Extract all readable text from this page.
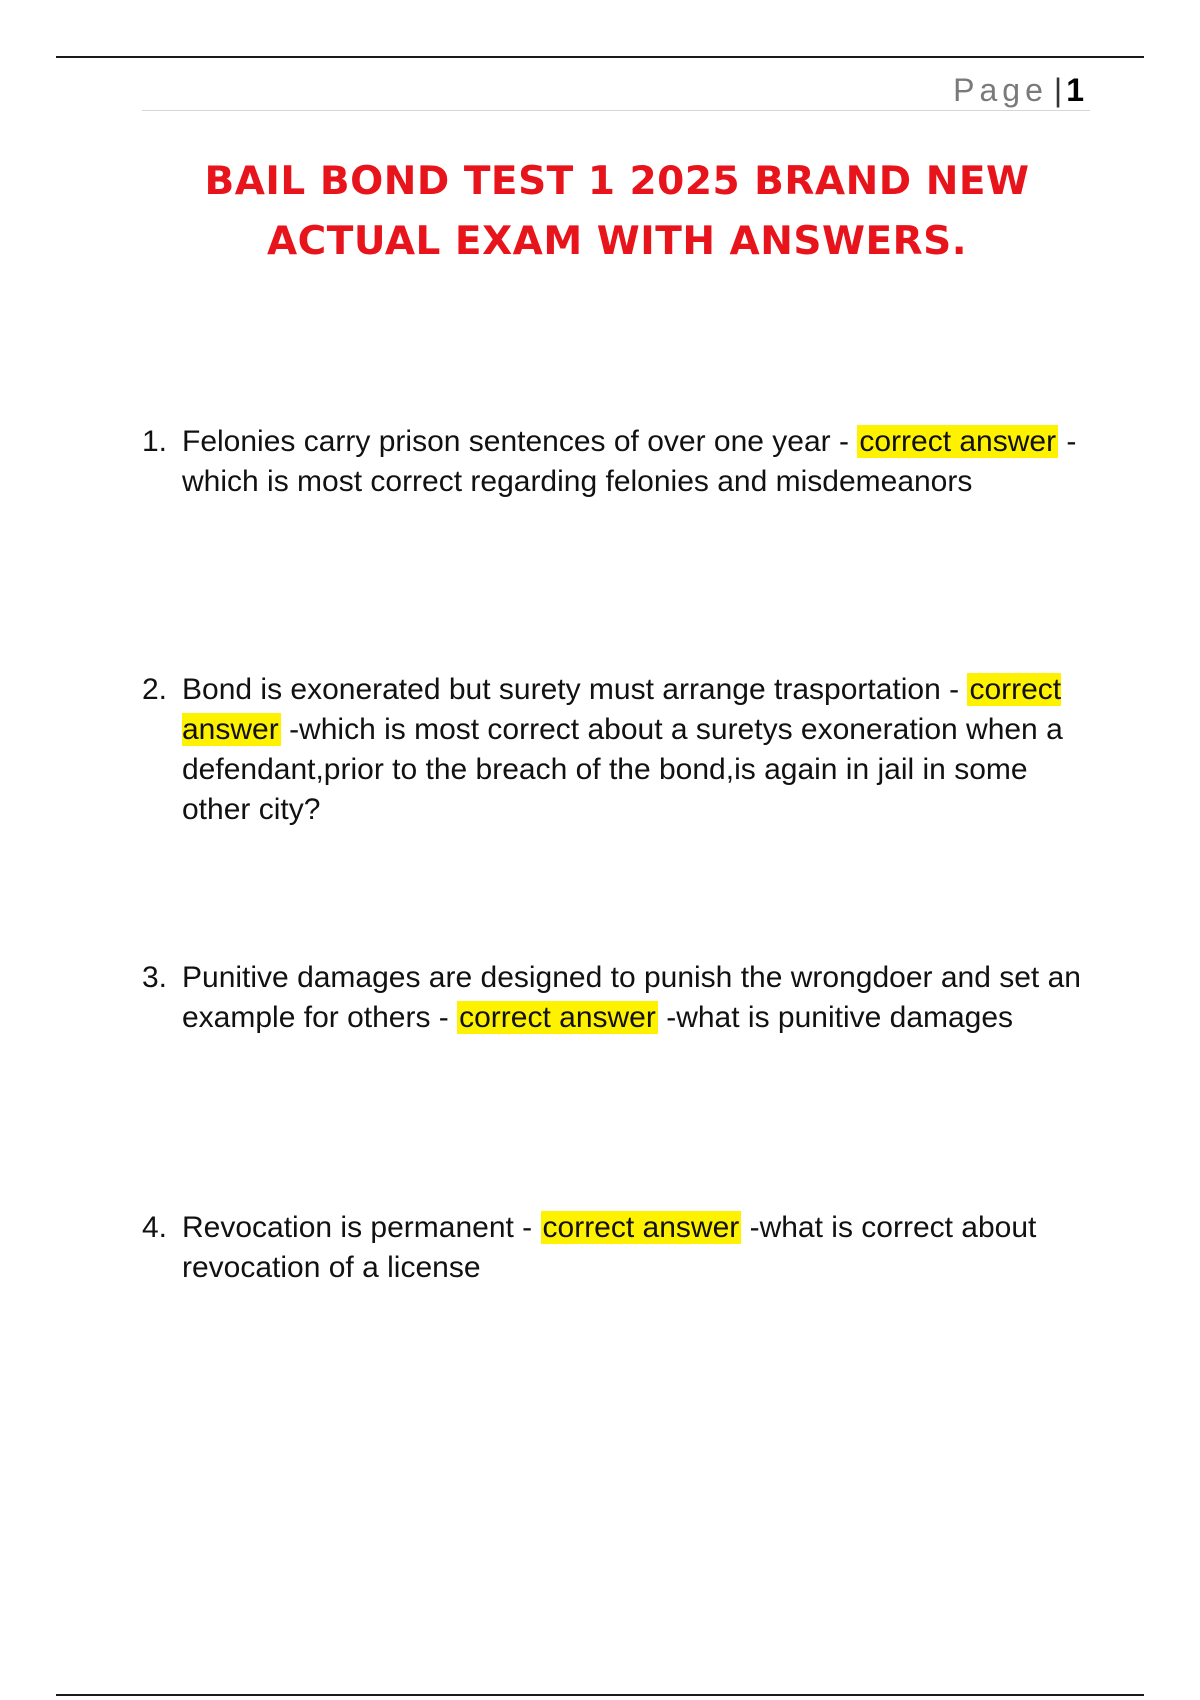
Page | 1
BAIL BOND TEST 1 2025 BRAND NEW
ACTUAL EXAM WITH ANSWERS.
1. Felonies carry prison sentences of over one year - correct answer -which is most correct regarding felonies and misdemeanors
2. Bond is exonerated but surety must arrange trasportation - correct answer -which is most correct about a suretys exoneration when a defendant,prior to the breach of the bond,is again in jail in some other city?
3. Punitive damages are designed to punish the wrongdoer and set an example for others - correct answer -what is punitive damages
4. Revocation is permanent - correct answer -what is correct about revocation of a license
